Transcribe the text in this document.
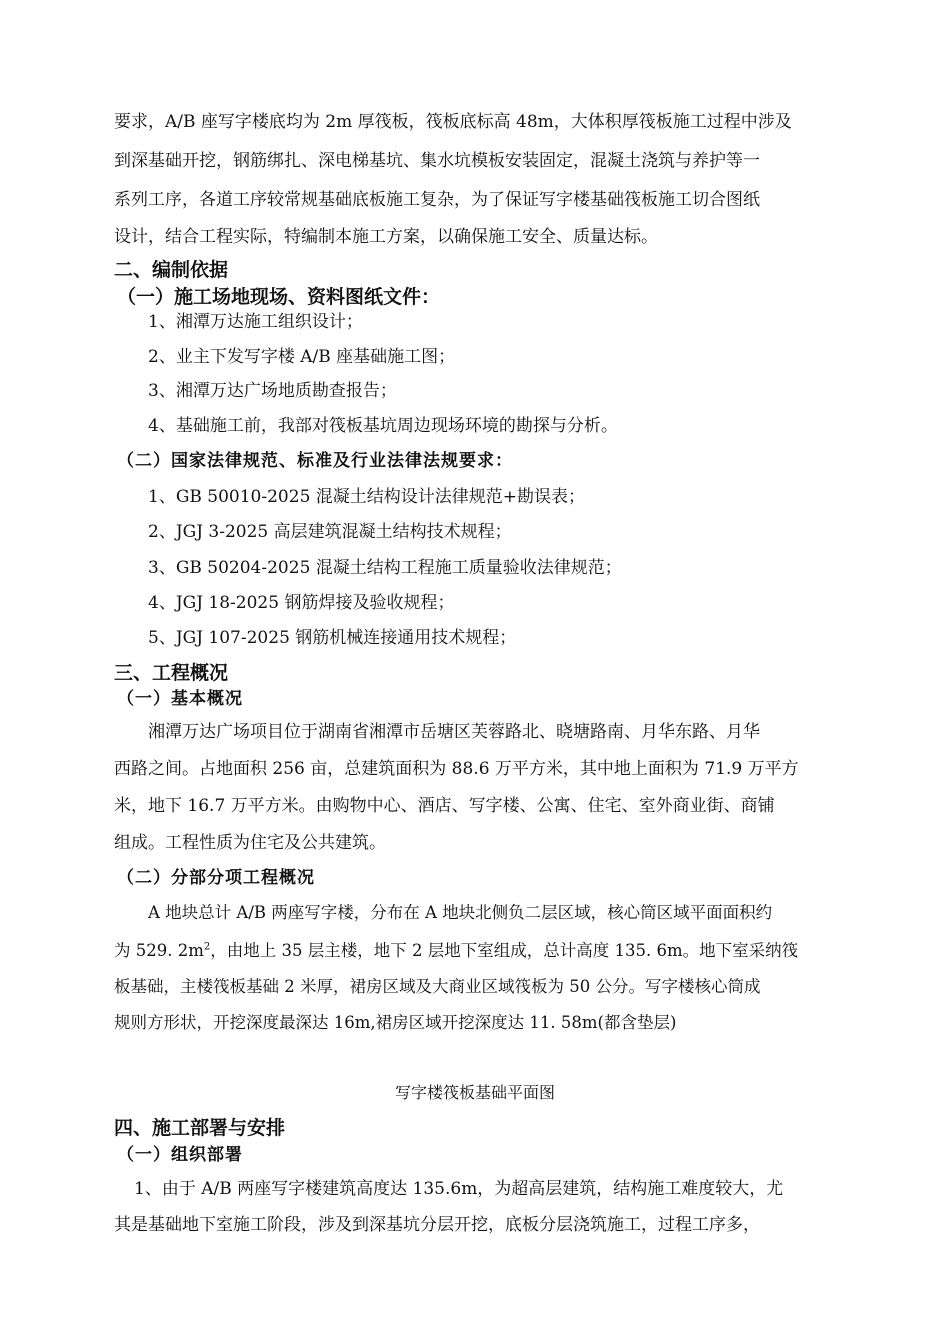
要求，A/B 座写字楼底均为 2m 厚筏板，筏板底标高 48m，大体积厚筏板施工过程中涉及
到深基础开挖，钢筋绑扎、深电梯基坑、集水坑模板安装固定，混凝土浇筑与养护等一
系列工序，各道工序较常规基础底板施工复杂，为了保证写字楼基础筏板施工切合图纸
设计，结合工程实际，特编制本施工方案，以确保施工安全、质量达标。
二、编制依据
（一）施工场地现场、资料图纸文件：
1、湘潭万达施工组织设计；
2、业主下发写字楼 A/B 座基础施工图；
3、湘潭万达广场地质勘查报告；
4、基础施工前，我部对筏板基坑周边现场环境的勘探与分析。
（二）国家法律规范、标准及行业法律法规要求：
1、GB 50010-2025 混凝土结构设计法律规范+勘误表；
2、JGJ 3-2025 高层建筑混凝土结构技术规程；
3、GB 50204-2025 混凝土结构工程施工质量验收法律规范；
4、JGJ 18-2025 钢筋焊接及验收规程；
5、JGJ 107-2025 钢筋机械连接通用技术规程；
三、工程概况
（一）基本概况
湘潭万达广场项目位于湖南省湘潭市岳塘区芙蓉路北、晓塘路南、月华东路、月华
西路之间。占地面积 256 亩，总建筑面积为 88.6 万平方米，其中地上面积为 71.9 万平方
米，地下 16.7 万平方米。由购物中心、酒店、写字楼、公寓、住宅、室外商业街、商铺
组成。工程性质为住宅及公共建筑。
（二）分部分项工程概况
A 地块总计 A/B 两座写字楼，分布在 A 地块北侧负二层区域，核心筒区域平面面积约
为 529. $2m^2$，由地上 35 层主楼，地下 2 层地下室组成，总计高度 135. 6m。地下室采纳筏
板基础，主楼筏板基础 2 米厚，裙房区域及大商业区域筏板为 50 公分。写字楼核心筒成
规则方形状，开挖深度最深达 16m,裙房区域开挖深度达 11. 58m(都含垫层)
写字楼筏板基础平面图
四、施工部署与安排
（一）组织部署
1、由于 A/B 两座写字楼建筑高度达 135.6m，为超高层建筑，结构施工难度较大，尤
其是基础地下室施工阶段，涉及到深基坑分层开挖，底板分层浇筑施工，过程工序多，
